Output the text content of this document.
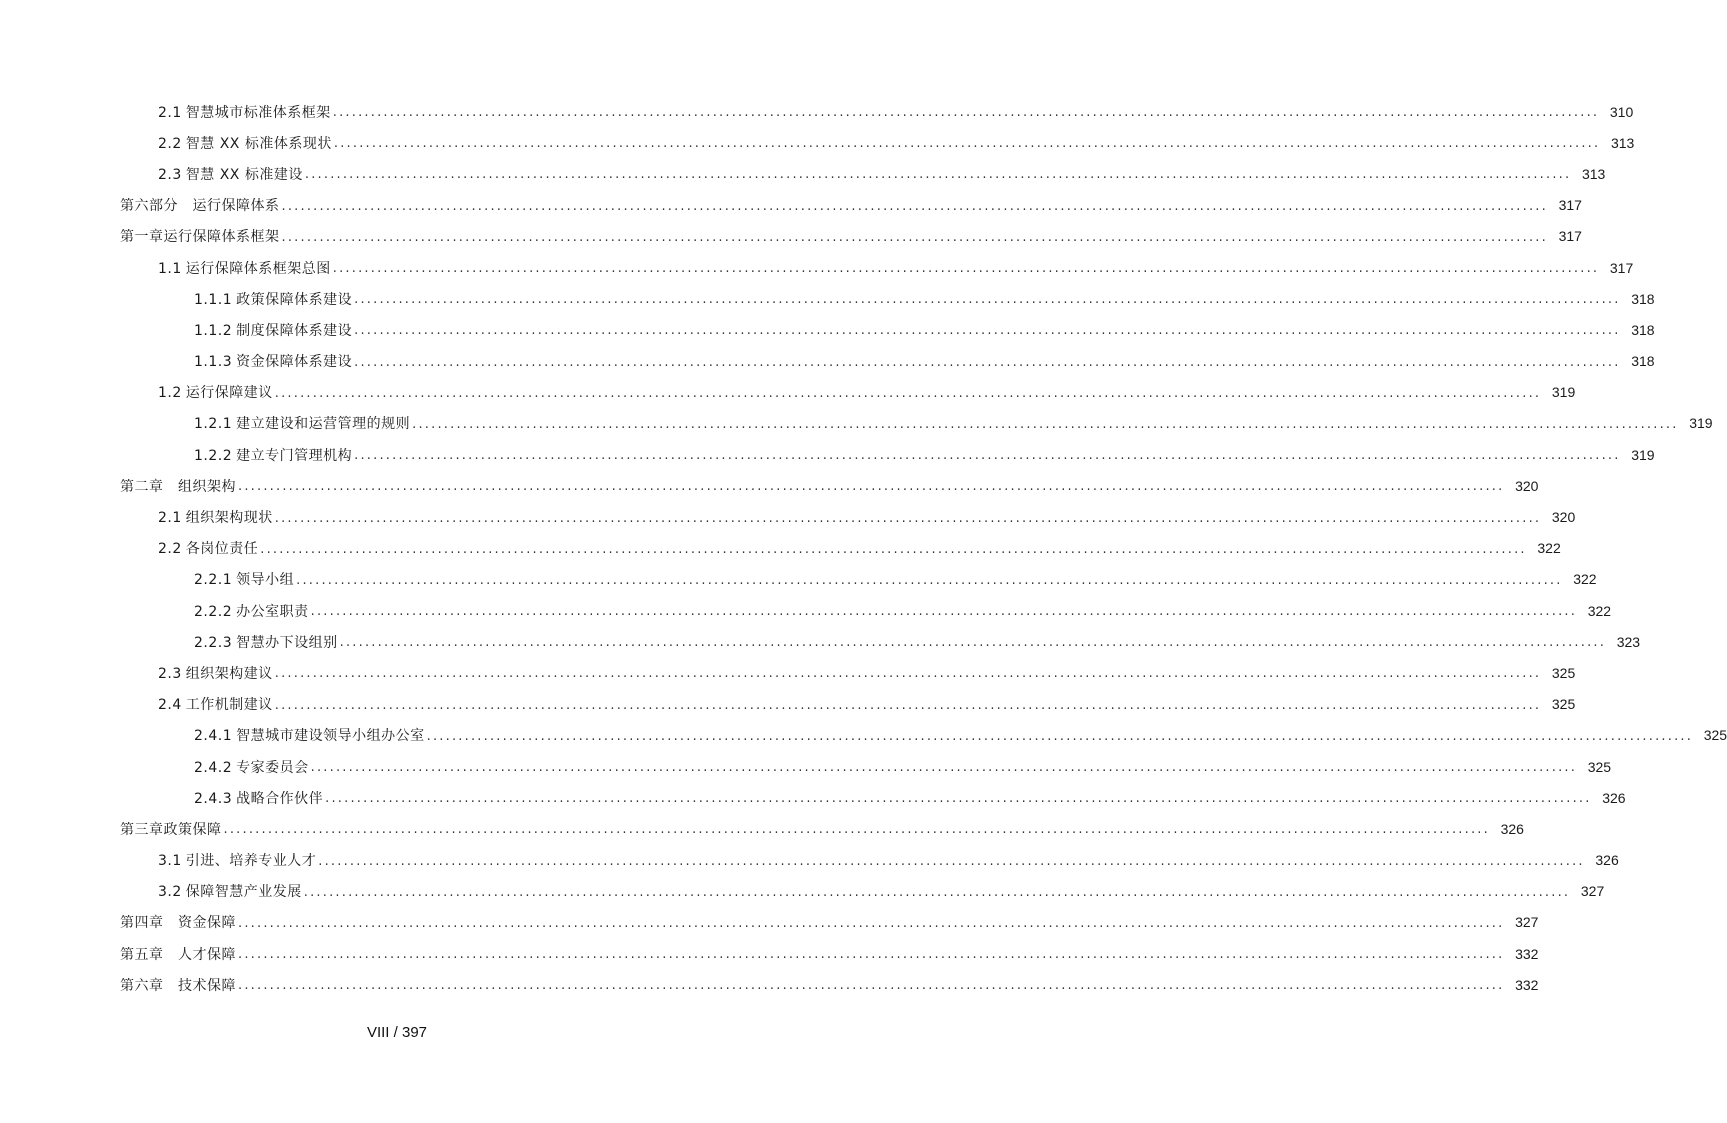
2.1 智慧城市标准体系框架 ........................................................................................................................................................................................................ 310
2.2 智慧 XX 标准体系现状 ........................................................................................................................................................................................................ 313
2.3 智慧 XX 标准建设 ........................................................................................................................................................................................................ 313
第六部分　运行保障体系 ........................................................................................................................................................................................................ 317
第一章运行保障体系框架 ........................................................................................................................................................................................................ 317
1.1 运行保障体系框架总图 ........................................................................................................................................................................................................ 317
1.1.1 政策保障体系建设 ........................................................................................................................................................................................................ 318
1.1.2 制度保障体系建设 ........................................................................................................................................................................................................ 318
1.1.3 资金保障体系建设 ........................................................................................................................................................................................................ 318
1.2 运行保障建议 ........................................................................................................................................................................................................ 319
1.2.1 建立建设和运营管理的规则 ........................................................................................................................................................................................................ 319
1.2.2 建立专门管理机构 ........................................................................................................................................................................................................ 319
第二章　组织架构 ........................................................................................................................................................................................................ 320
2.1 组织架构现状 ........................................................................................................................................................................................................ 320
2.2 各岗位责任 ........................................................................................................................................................................................................ 322
2.2.1 领导小组 ........................................................................................................................................................................................................ 322
2.2.2 办公室职责 ........................................................................................................................................................................................................ 322
2.2.3 智慧办下设组别 ........................................................................................................................................................................................................ 323
2.3 组织架构建议 ........................................................................................................................................................................................................ 325
2.4 工作机制建议 ........................................................................................................................................................................................................ 325
2.4.1 智慧城市建设领导小组办公室 ........................................................................................................................................................................................................ 325
2.4.2 专家委员会 ........................................................................................................................................................................................................ 325
2.4.3 战略合作伙伴 ........................................................................................................................................................................................................ 326
第三章政策保障 ........................................................................................................................................................................................................ 326
3.1 引进、培养专业人才 ........................................................................................................................................................................................................ 326
3.2 保障智慧产业发展 ........................................................................................................................................................................................................ 327
第四章　资金保障 ........................................................................................................................................................................................................ 327
第五章　人才保障 ........................................................................................................................................................................................................ 332
第六章　技术保障 ........................................................................................................................................................................................................ 332
VIII / 397
